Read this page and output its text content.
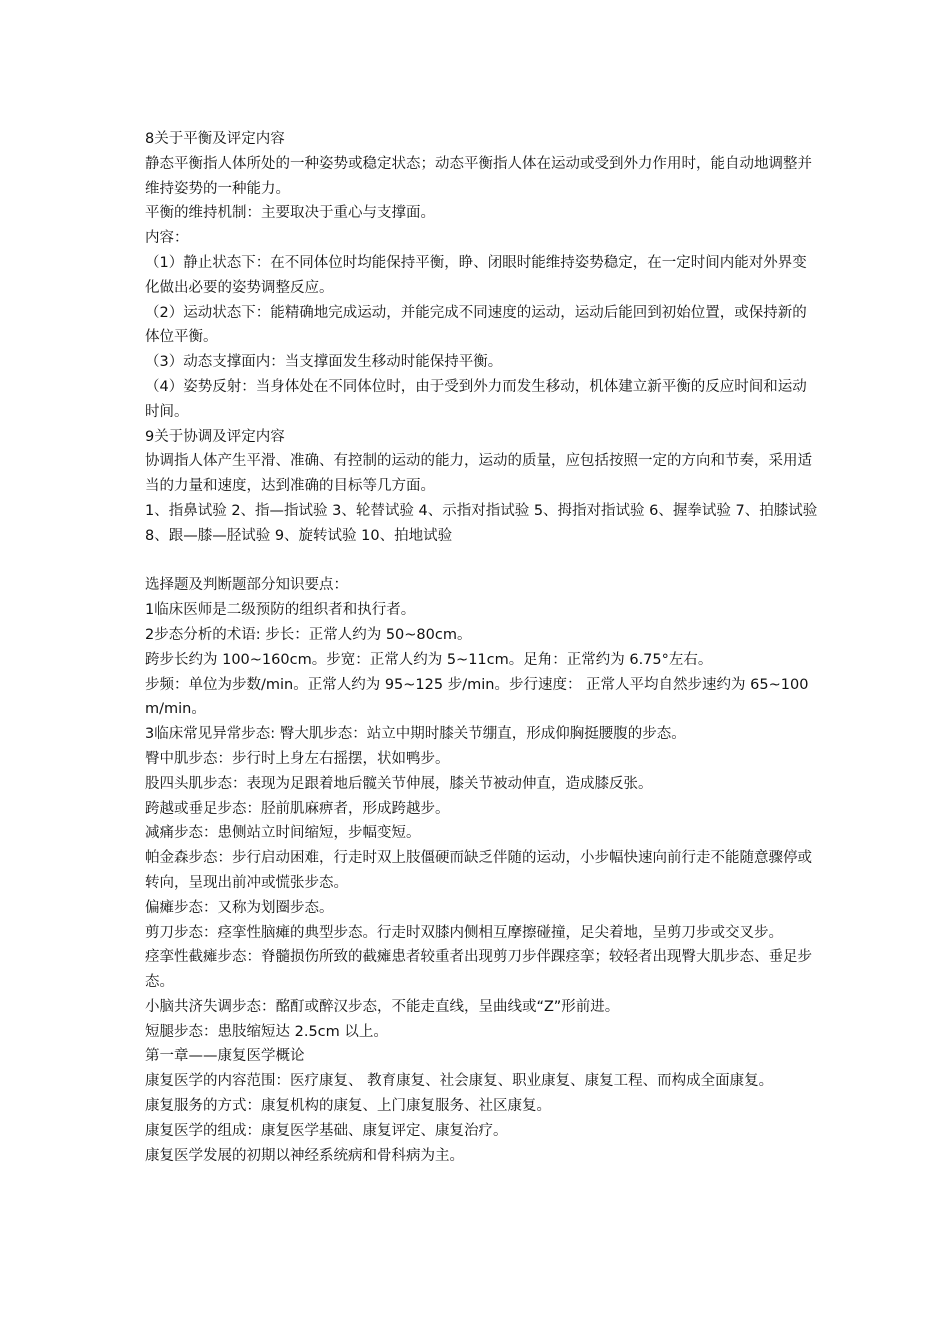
8关于平衡及评定内容

静态平衡指人体所处的一种姿势或稳定状态；动态平衡指人体在运动或受到外力作用时，能自动地调整并维持姿势的一种能力。

平衡的维持机制：主要取决于重心与支撑面。

内容：

（1）静止状态下：在不同体位时均能保持平衡，睁、闭眼时能维持姿势稳定，在一定时间内能对外界变化做出必要的姿势调整反应。

（2）运动状态下：能精确地完成运动，并能完成不同速度的运动，运动后能回到初始位置，或保持新的体位平衡。

（3）动态支撑面内：当支撑面发生移动时能保持平衡。

（4）姿势反射：当身体处在不同体位时，由于受到外力而发生移动，机体建立新平衡的反应时间和运动时间。

9关于协调及评定内容

协调指人体产生平滑、准确、有控制的运动的能力，运动的质量，应包括按照一定的方向和节奏，采用适当的力量和速度，达到准确的目标等几方面。

1、指鼻试验 2、指—指试验 3、轮替试验 4、示指对指试验 5、拇指对指试验 6、握拳试验 7、拍膝试验 8、跟—膝—胫试验 9、旋转试验 10、拍地试验

选择题及判断题部分知识要点：

1临床医师是二级预防的组织者和执行者。

2步态分析的术语: 步长：正常人约为 50~80cm。

跨步长约为 100~160cm。步宽：正常人约为 5~11cm。足角：正常约为 6.75°左右。

步频：单位为步数/min。正常人约为 95~125 步/min。步行速度： 正常人平均自然步速约为 65~100m/min。

3临床常见异常步态: 臀大肌步态：站立中期时膝关节绷直，形成仰胸挺腰腹的步态。

臀中肌步态：步行时上身左右摇摆，状如鸭步。

股四头肌步态：表现为足跟着地后髋关节伸展，膝关节被动伸直，造成膝反张。

跨越或垂足步态：胫前肌麻痹者，形成跨越步。

减痛步态：患侧站立时间缩短，步幅变短。

帕金森步态：步行启动困难，行走时双上肢僵硬而缺乏伴随的运动，小步幅快速向前行走不能随意骤停或转向，呈现出前冲或慌张步态。

偏瘫步态：又称为划圈步态。

剪刀步态：痉挛性脑瘫的典型步态。行走时双膝内侧相互摩擦碰撞，足尖着地，呈剪刀步或交叉步。

痉挛性截瘫步态：脊髓损伤所致的截瘫患者较重者出现剪刀步伴踝痉挛；较轻者出现臀大肌步态、垂足步态。

小脑共济失调步态：酩酊或醉汉步态，不能走直线，呈曲线或“Z”形前进。

短腿步态：患肢缩短达 2.5cm 以上。

第一章——康复医学概论

康复医学的内容范围：医疗康复、 教育康复、社会康复、职业康复、康复工程、而构成全面康复。

康复服务的方式：康复机构的康复、上门康复服务、社区康复。

康复医学的组成：康复医学基础、康复评定、康复治疗。

康复医学发展的初期以神经系统病和骨科病为主。
